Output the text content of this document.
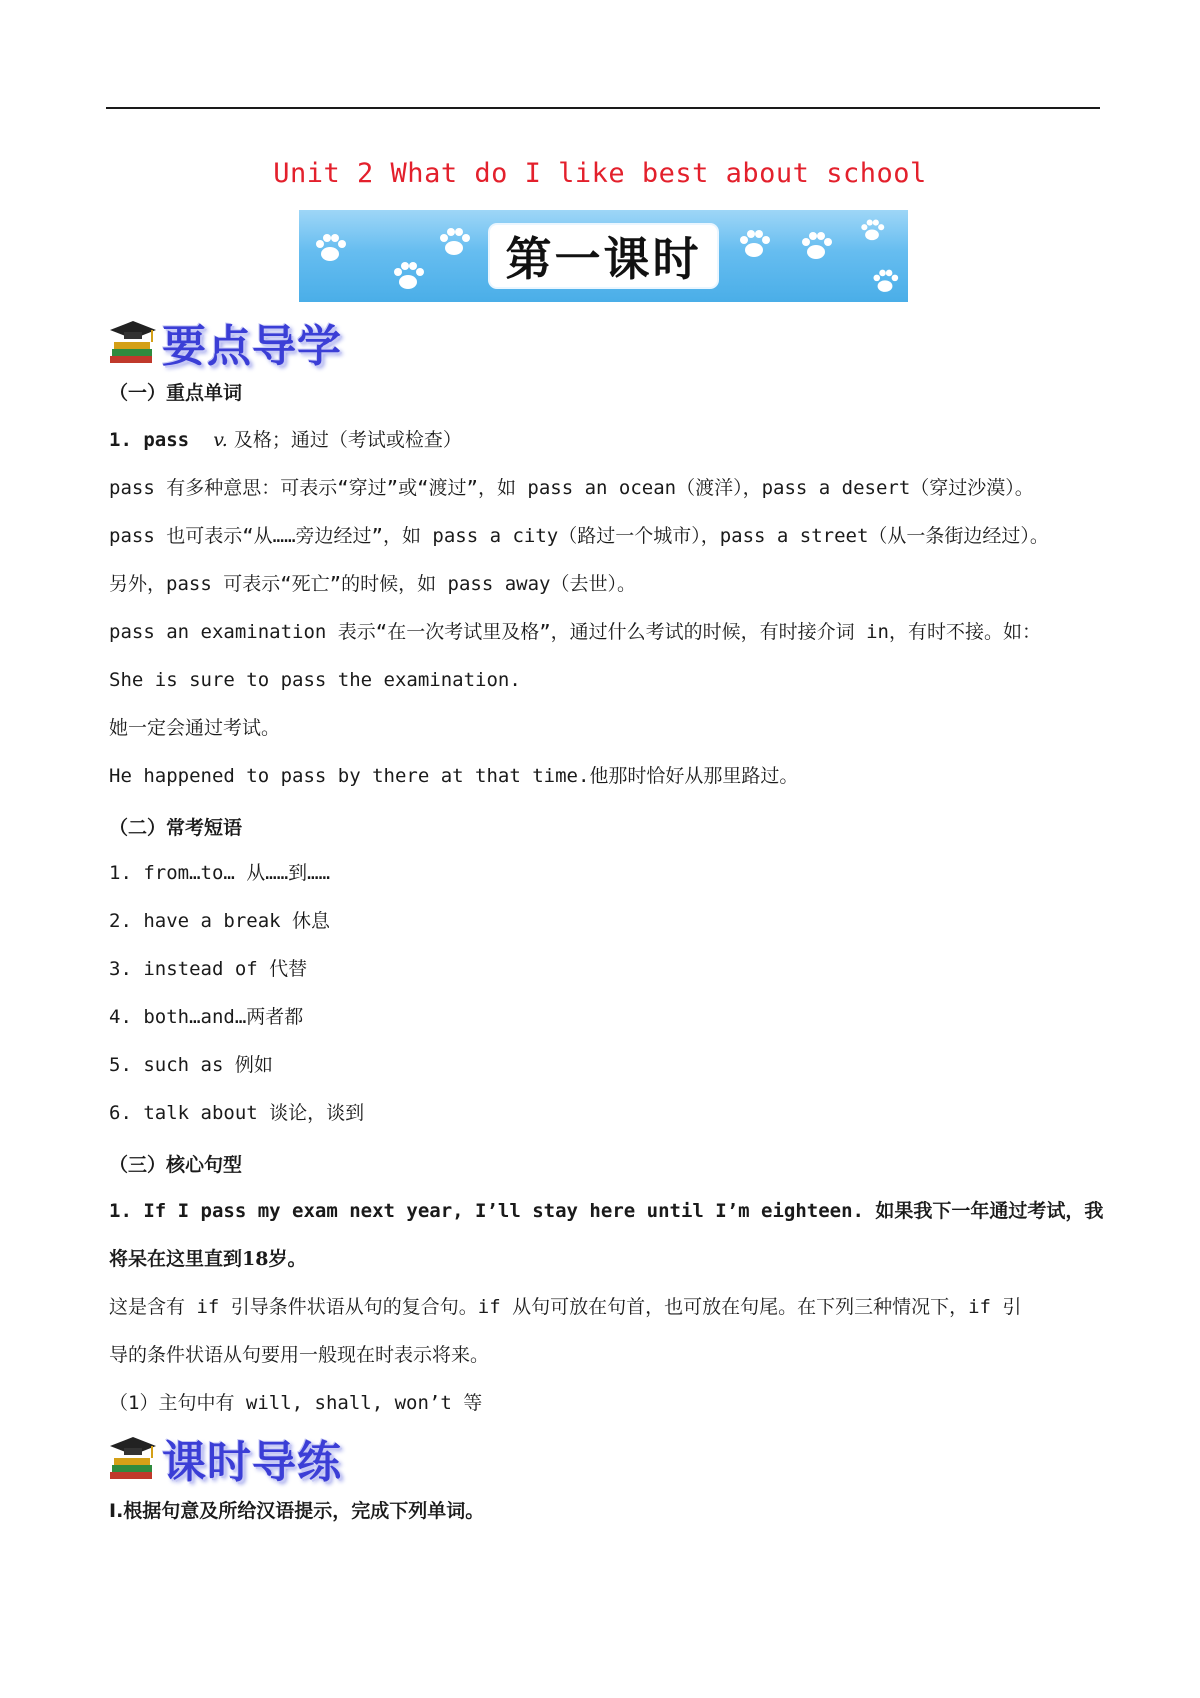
Unit 2 What do I like best about school
第一课时
要点导学
（一）重点单词
1. pass v. 及格；通过（考试或检查）
pass 有多种意思：可表示“穿过”或“渡过”，如 pass an ocean（渡洋），pass a desert（穿过沙漠）。
pass 也可表示“从……旁边经过”，如 pass a city（路过一个城市），pass a street（从一条街边经过）。
另外，pass 可表示“死亡”的时候，如 pass away（去世）。
pass an examination 表示“在一次考试里及格”，通过什么考试的时候，有时接介词 in，有时不接。如：
She is sure to pass the examination.
她一定会通过考试。
He happened to pass by there at that time.他那时恰好从那里路过。
（二）常考短语
1. from…to… 从……到……
2. have a break 休息
3. instead of 代替
4. both…and…两者都
5. such as 例如
6. talk about 谈论，谈到
（三）核心句型
1. If I pass my exam next year, I’ll stay here until I’m eighteen. 如果我下一年通过考试，我
将呆在这里直到18岁。
这是含有 if 引导条件状语从句的复合句。if 从句可放在句首，也可放在句尾。在下列三种情况下，if 引
导的条件状语从句要用一般现在时表示将来。
（1）主句中有 will, shall, won’t 等
课时导练
Ⅰ.根据句意及所给汉语提示，完成下列单词。
